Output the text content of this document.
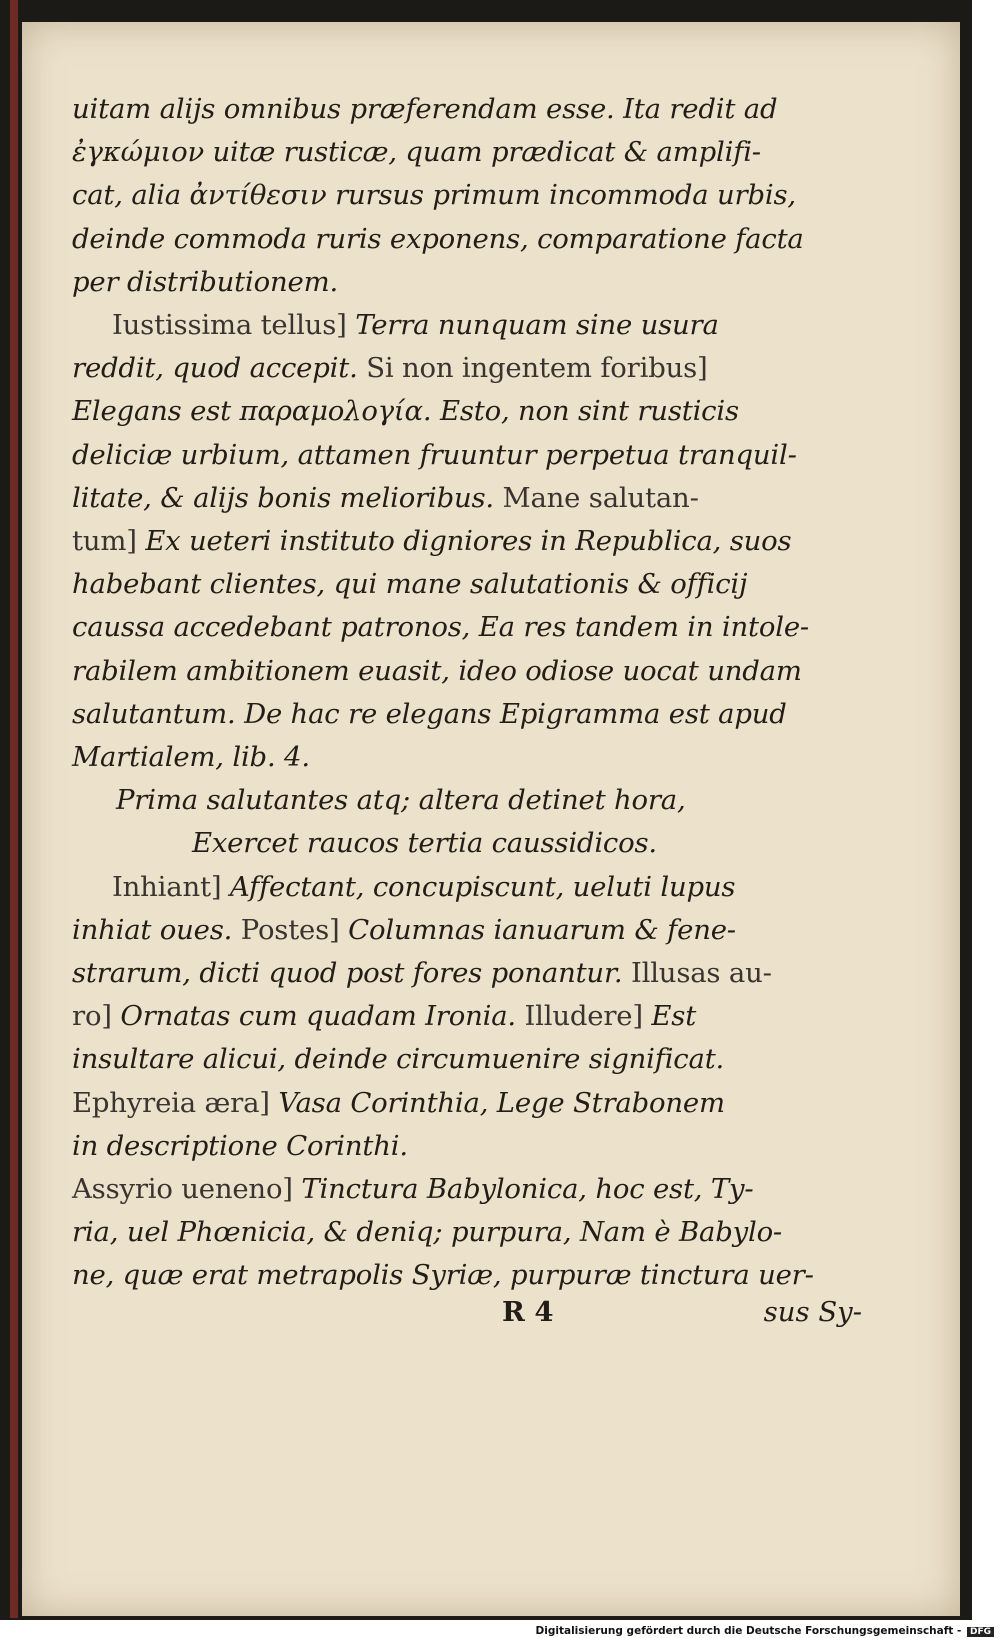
uitam alijs omnibus præferendam esse. Ita redit ad
ἐγκώμιον uitæ rusticæ, quam prædicat & amplifi-
cat, alia ἀντίθεσιν rursus primum incommoda urbis,
deinde commoda ruris exponens, comparatione facta
per distributionem.
Iustissima tellus] Terra nunquam sine usura
reddit, quod accepit. Si non ingentem foribus]
Elegans est παραμολογία. Esto, non sint rusticis
deliciæ urbium, attamen fruuntur perpetua tranquil-
litate, & alijs bonis melioribus. Mane salutan-
tum] Ex ueteri instituto digniores in Republica, suos
habebant clientes, qui mane salutationis & officij
caussa accedebant patronos, Ea res tandem in intole-
rabilem ambitionem euasit, ideo odiose uocat undam
salutantum. De hac re elegans Epigramma est apud
Martialem, lib. 4.
Prima salutantes atq; altera detinet hora,
Exercet raucos tertia caussidicos.
Inhiant] Affectant, concupiscunt, ueluti lupus
inhiat oues. Postes] Columnas ianuarum & fene-
strarum, dicti quod post fores ponantur. Illusas au-
ro] Ornatas cum quadam Ironia. Illudere] Est
insultare alicui, deinde circumuenire significat.
Ephyreia æra] Vasa Corinthia, Lege Strabonem
in descriptione Corinthi.
Assyrio ueneno] Tinctura Babylonica, hoc est, Ty-
ria, uel Phœnicia, & deniq; purpura, Nam è Babylo-
ne, quæ erat metrapolis Syriæ, purpuræ tinctura uer-
R 4	sus Sy-
Digitalisierung gefördert durch die Deutsche Forschungsgemeinschaft - DFG
